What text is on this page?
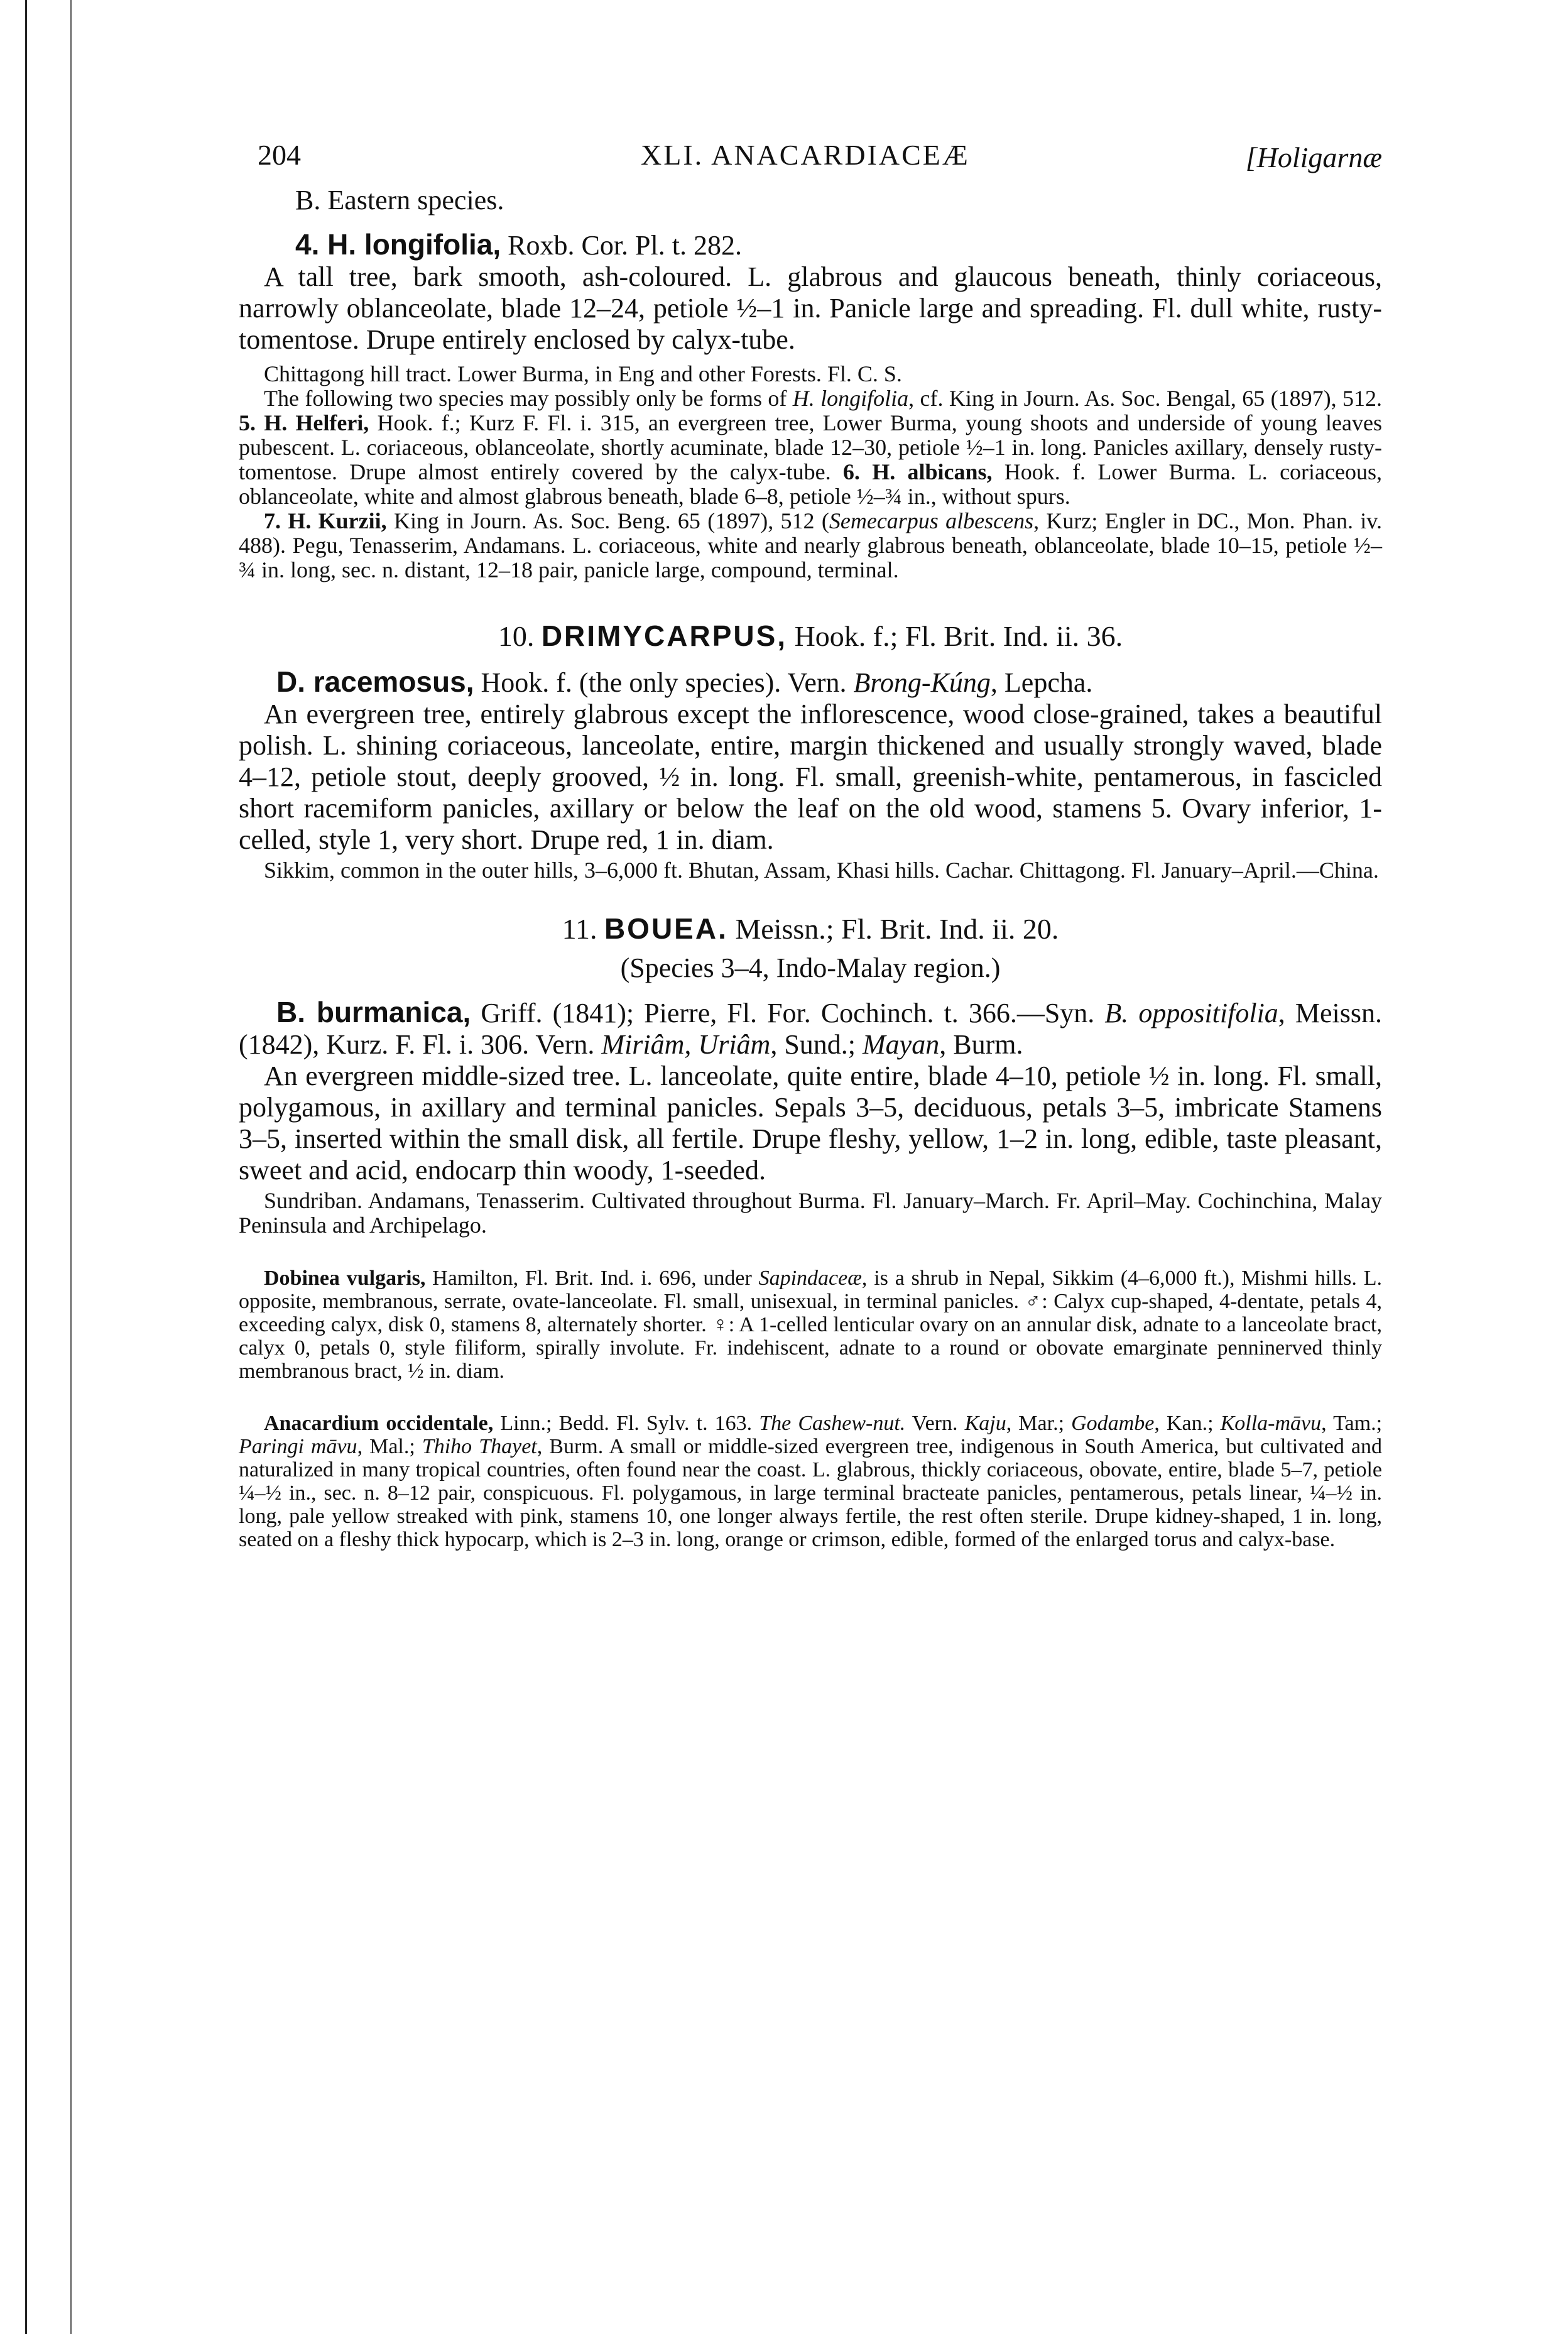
204	XLI. ANACARDIACEÆ	[Holigarnæ
B. Eastern species.
4. H. longifolia, Roxb. Cor. Pl. t. 282.
A tall tree, bark smooth, ash-coloured. L. glabrous and glaucous beneath, thinly coriaceous, narrowly oblanceolate, blade 12–24, petiole ½–1 in. Panicle large and spreading. Fl. dull white, rusty-tomentose. Drupe entirely enclosed by calyx-tube.
Chittagong hill tract. Lower Burma, in Eng and other Forests. Fl. C. S.
The following two species may possibly only be forms of H. longifolia, cf. King in Journ. As. Soc. Bengal, 65 (1897), 512. 5. H. Helferi, Hook. f.; Kurz F. Fl. i. 315, an evergreen tree, Lower Burma, young shoots and underside of young leaves pubescent. L. coriaceous, oblanceolate, shortly acuminate, blade 12–30, petiole ½–1 in. long. Panicles axillary, densely rusty-tomentose. Drupe almost entirely covered by the calyx-tube. 6. H. albicans, Hook. f. Lower Burma. L. coriaceous, oblanceolate, white and almost glabrous beneath, blade 6–8, petiole ½–¾ in., without spurs.
7. H. Kurzii, King in Journ. As. Soc. Beng. 65 (1897), 512 (Semecarpus albescens, Kurz; Engler in DC., Mon. Phan. iv. 488). Pegu, Tenasserim, Andamans. L. coriaceous, white and nearly glabrous beneath, oblanceolate, blade 10–15, petiole ½–¾ in. long, sec. n. distant, 12–18 pair, panicle large, compound, terminal.
10. DRIMYCARPUS, Hook. f.; Fl. Brit. Ind. ii. 36.
D. racemosus, Hook. f. (the only species). Vern. Brong-Kúng, Lepcha.
An evergreen tree, entirely glabrous except the inflorescence, wood close-grained, takes a beautiful polish. L. shining coriaceous, lanceolate, entire, margin thickened and usually strongly waved, blade 4–12, petiole stout, deeply grooved, ½ in. long. Fl. small, greenish-white, pentamerous, in fascicled short racemiform panicles, axillary or below the leaf on the old wood, stamens 5. Ovary inferior, 1-celled, style 1, very short. Drupe red, 1 in. diam.
Sikkim, common in the outer hills, 3–6,000 ft. Bhutan, Assam, Khasi hills. Cachar. Chittagong. Fl. January–April.—China.
11. BOUEA. Meissn.; Fl. Brit. Ind. ii. 20.
(Species 3–4, Indo-Malay region.)
B. burmanica, Griff. (1841); Pierre, Fl. For. Cochinch. t. 366.—Syn. B. oppositifolia, Meissn. (1842), Kurz. F. Fl. i. 306. Vern. Miriâm, Uriâm, Sund.; Mayan, Burm.
An evergreen middle-sized tree. L. lanceolate, quite entire, blade 4–10, petiole ½ in. long. Fl. small, polygamous, in axillary and terminal panicles. Sepals 3–5, deciduous, petals 3–5, imbricate Stamens 3–5, inserted within the small disk, all fertile. Drupe fleshy, yellow, 1–2 in. long, edible, taste pleasant, sweet and acid, endocarp thin woody, 1-seeded.
Sundriban. Andamans, Tenasserim. Cultivated throughout Burma. Fl. January–March. Fr. April–May. Cochinchina, Malay Peninsula and Archipelago.
Dobinea vulgaris, Hamilton, Fl. Brit. Ind. i. 696, under Sapindaceæ, is a shrub in Nepal, Sikkim (4–6,000 ft.), Mishmi hills. L. opposite, membranous, serrate, ovate-lanceolate. Fl. small, unisexual, in terminal panicles. ♂: Calyx cup-shaped, 4-dentate, petals 4, exceeding calyx, disk 0, stamens 8, alternately shorter. ♀: A 1-celled lenticular ovary on an annular disk, adnate to a lanceolate bract, calyx 0, petals 0, style filiform, spirally involute. Fr. indehiscent, adnate to a round or obovate emarginate penninerved thinly membranous bract, ½ in. diam.
Anacardium occidentale, Linn.; Bedd. Fl. Sylv. t. 163. The Cashew-nut. Vern. Kaju, Mar.; Godambe, Kan.; Kolla-māvu, Tam.; Paringi māvu, Mal.; Thiho Thayet, Burm. A small or middle-sized evergreen tree, indigenous in South America, but cultivated and naturalized in many tropical countries, often found near the coast. L. glabrous, thickly coriaceous, obovate, entire, blade 5–7, petiole ¼–½ in., sec. n. 8–12 pair, conspicuous. Fl. polygamous, in large terminal bracteate panicles, pentamerous, petals linear, ¼–½ in. long, pale yellow streaked with pink, stamens 10, one longer always fertile, the rest often sterile. Drupe kidney-shaped, 1 in. long, seated on a fleshy thick hypocarp, which is 2–3 in. long, orange or crimson, edible, formed of the enlarged torus and calyx-base.
